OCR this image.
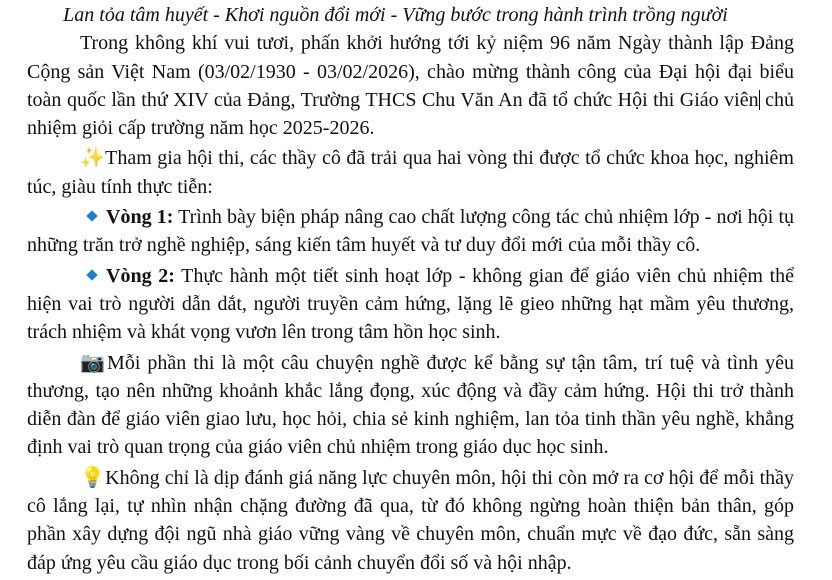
Lan tỏa tâm huyết - Khơi nguồn đổi mới - Vững bước trong hành trình trồng người

Trong không khí vui tươi, phấn khởi hướng tới kỷ niệm 96 năm Ngày thành lập Đảng Cộng sản Việt Nam (03/02/1930 - 03/02/2026), chào mừng thành công của Đại hội đại biểu toàn quốc lần thứ XIV của Đảng, Trường THCS Chu Văn An đã tổ chức Hội thi Giáo viên chủ nhiệm giỏi cấp trường năm học 2025-2026.

✨ Tham gia hội thi, các thầy cô đã trải qua hai vòng thi được tổ chức khoa học, nghiêm túc, giàu tính thực tiễn:

Vòng 1: Trình bày biện pháp nâng cao chất lượng công tác chủ nhiệm lớp - nơi hội tụ những trăn trở nghề nghiệp, sáng kiến tâm huyết và tư duy đổi mới của mỗi thầy cô.

Vòng 2: Thực hành một tiết sinh hoạt lớp - không gian để giáo viên chủ nhiệm thể hiện vai trò người dẫn dắt, người truyền cảm hứng, lặng lẽ gieo những hạt mầm yêu thương, trách nhiệm và khát vọng vươn lên trong tâm hồn học sinh.

📷 Mỗi phần thi là một câu chuyện nghề được kể bằng sự tận tâm, trí tuệ và tình yêu thương, tạo nên những khoảnh khắc lắng đọng, xúc động và đầy cảm hứng. Hội thi trở thành diễn đàn để giáo viên giao lưu, học hỏi, chia sẻ kinh nghiệm, lan tỏa tinh thần yêu nghề, khẳng định vai trò quan trọng của giáo viên chủ nhiệm trong giáo dục học sinh.

💡 Không chỉ là dịp đánh giá năng lực chuyên môn, hội thi còn mở ra cơ hội để mỗi thầy cô lắng lại, tự nhìn nhận chặng đường đã qua, từ đó không ngừng hoàn thiện bản thân, góp phần xây dựng đội ngũ nhà giáo vững vàng về chuyên môn, chuẩn mực về đạo đức, sẵn sàng đáp ứng yêu cầu giáo dục trong bối cảnh chuyển đổi số và hội nhập.
